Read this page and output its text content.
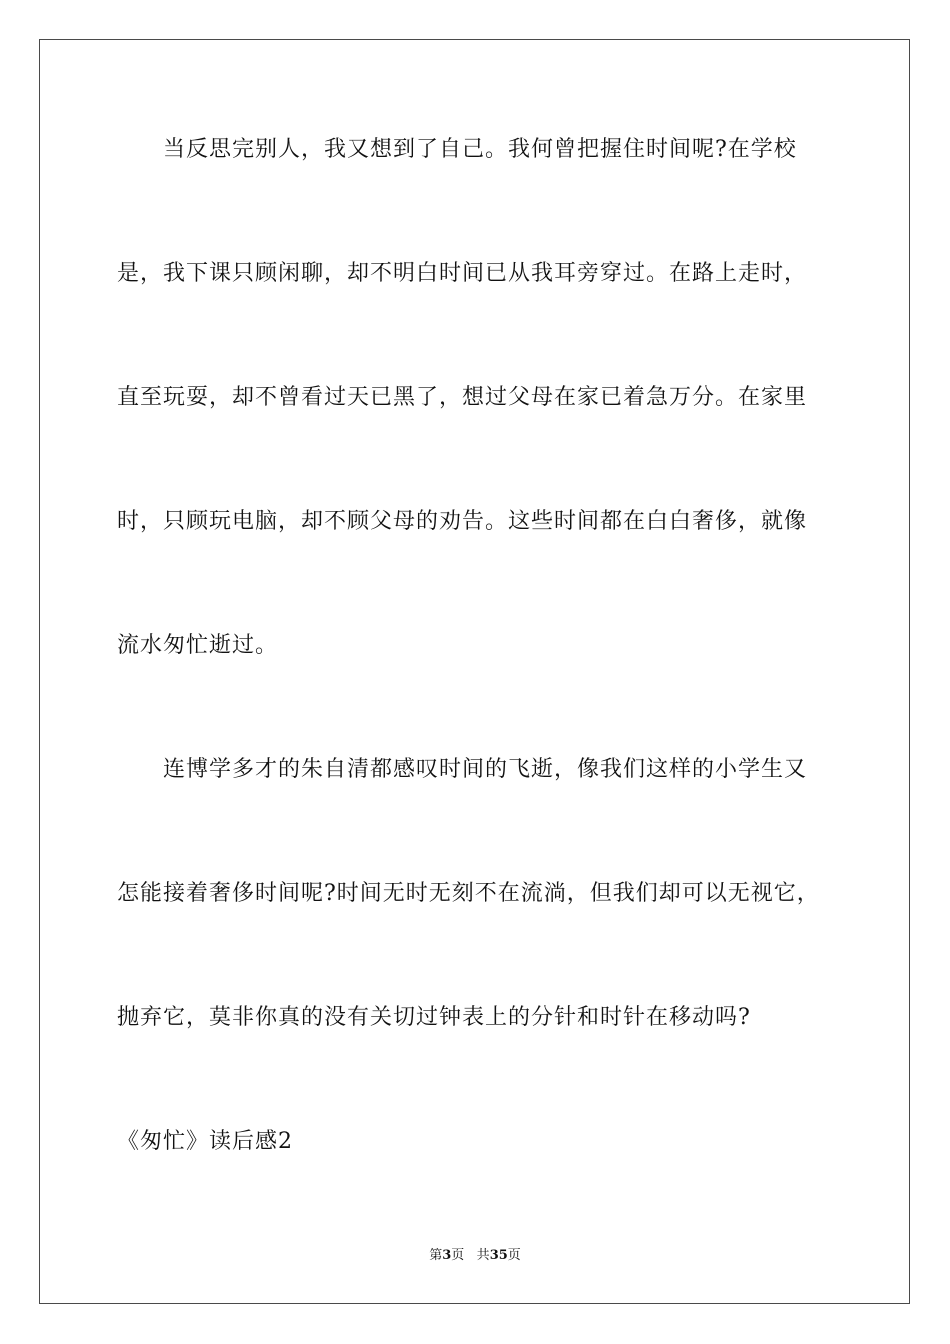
当反思完别人，我又想到了自己。我何曾把握住时间呢?在学校
是，我下课只顾闲聊，却不明白时间已从我耳旁穿过。在路上走时，
直至玩耍，却不曾看过天已黑了，想过父母在家已着急万分。在家里
时，只顾玩电脑，却不顾父母的劝告。这些时间都在白白奢侈，就像
流水匆忙逝过。
连博学多才的朱自清都感叹时间的飞逝，像我们这样的小学生又
怎能接着奢侈时间呢?时间无时无刻不在流淌，但我们却可以无视它，
抛弃它，莫非你真的没有关切过钟表上的分针和时针在移动吗?
《匆忙》读后感2
第3页 共35页
